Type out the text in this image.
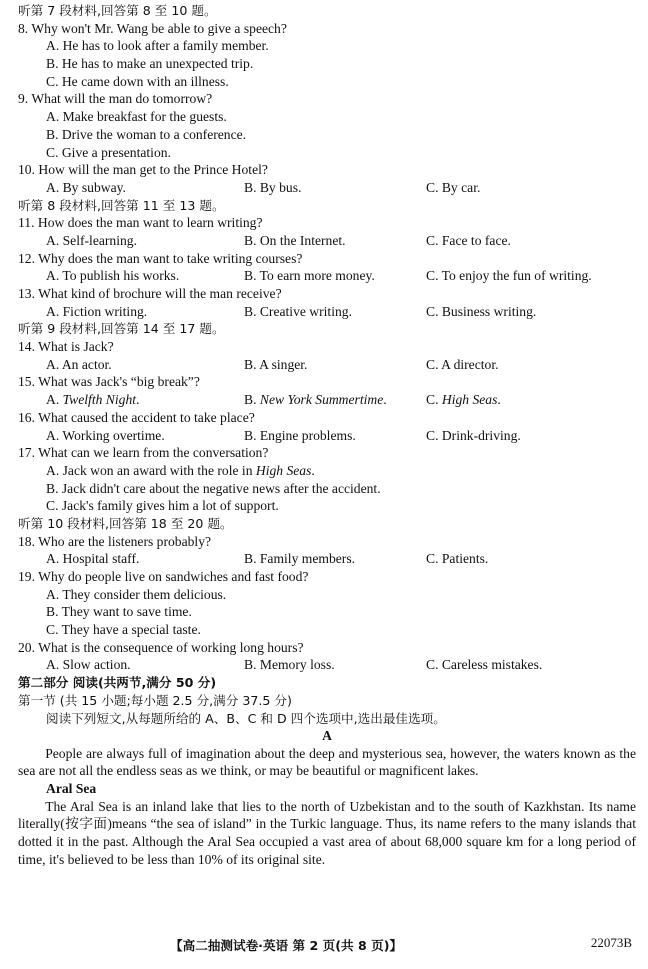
听第 7 段材料,回答第 8 至 10 题。
8. Why won't Mr. Wang be able to give a speech?
A. He has to look after a family member.
B. He has to make an unexpected trip.
C. He came down with an illness.
9. What will the man do tomorrow?
A. Make breakfast for the guests.
B. Drive the woman to a conference.
C. Give a presentation.
10. How will the man get to the Prince Hotel?
A. By subway.	B. By bus.	C. By car.
听第 8 段材料,回答第 11 至 13 题。
11. How does the man want to learn writing?
A. Self-learning.	B. On the Internet.	C. Face to face.
12. Why does the man want to take writing courses?
A. To publish his works.	B. To earn more money.	C. To enjoy the fun of writing.
13. What kind of brochure will the man receive?
A. Fiction writing.	B. Creative writing.	C. Business writing.
听第 9 段材料,回答第 14 至 17 题。
14. What is Jack?
A. An actor.	B. A singer.	C. A director.
15. What was Jack's “big break”?
A. Twelfth Night.	B. New York Summertime.	C. High Seas.
16. What caused the accident to take place?
A. Working overtime.	B. Engine problems.	C. Drink-driving.
17. What can we learn from the conversation?
A. Jack won an award with the role in High Seas.
B. Jack didn't care about the negative news after the accident.
C. Jack's family gives him a lot of support.
听第 10 段材料,回答第 18 至 20 题。
18. Who are the listeners probably?
A. Hospital staff.	B. Family members.	C. Patients.
19. Why do people live on sandwiches and fast food?
A. They consider them delicious.
B. They want to save time.
C. They have a special taste.
20. What is the consequence of working long hours?
A. Slow action.	B. Memory loss.	C. Careless mistakes.
第二部分 阅读(共两节,满分 50 分)
第一节 (共 15 小题;每小题 2.5 分,满分 37.5 分)
阅读下列短文,从每题所给的 A、B、C 和 D 四个选项中,选出最佳选项。
A

People are always full of imagination about the deep and mysterious sea, however, the waters known as the sea are not all the endless seas as we think, or may be beautiful or magnificent lakes.

Aral Sea

The Aral Sea is an inland lake that lies to the north of Uzbekistan and to the south of Kazkhstan. Its name literally(按字面)means “the sea of island” in the Turkic language. Thus, its name refers to the many islands that dotted it in the past. Although the Aral Sea occupied a vast area of about 68,000 square km for a long period of time, it's believed to be less than 10% of its original site.

【高二抽测试卷·英语 第 2 页(共 8 页)】	22073B
